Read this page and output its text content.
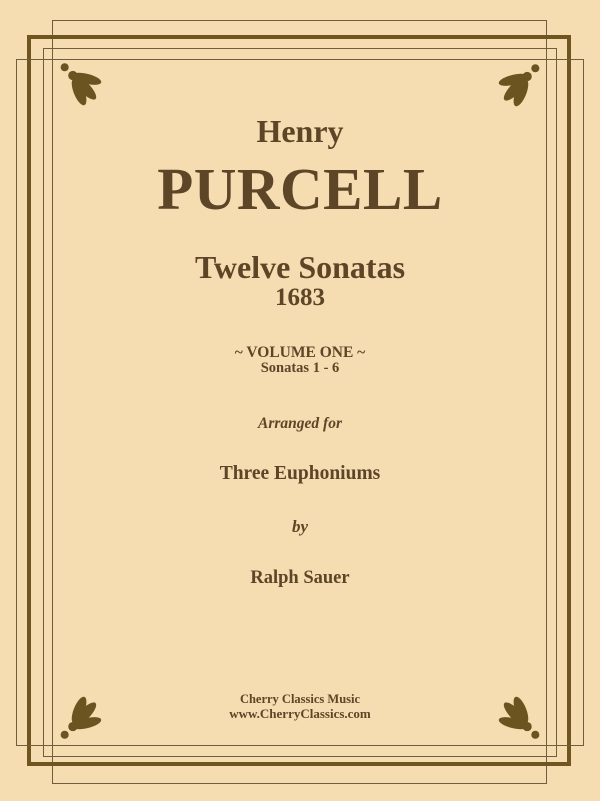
Henry
PURCELL
Twelve Sonatas
1683
~ VOLUME ONE ~
Sonatas 1 - 6
Arranged for
Three Euphoniums
by
Ralph Sauer
Cherry Classics Music
www.CherryClassics.com
